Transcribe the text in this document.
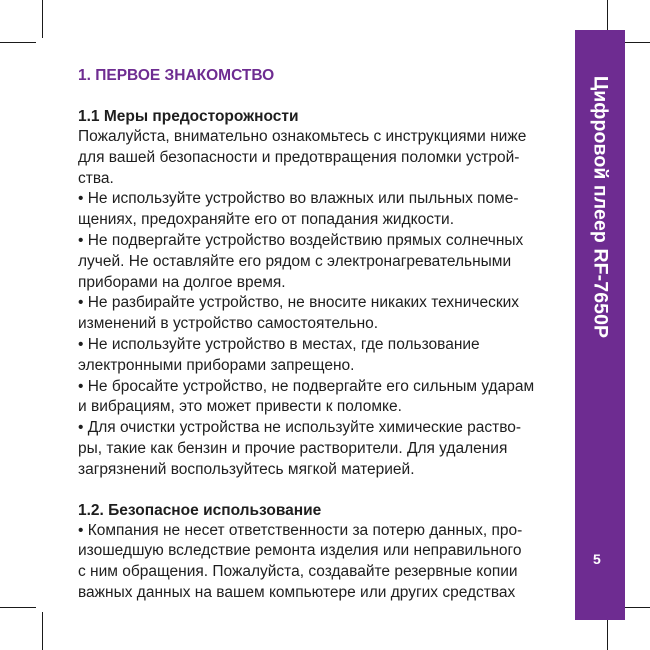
Цифровой плеер RF-7650P
5
1. ПЕРВОЕ ЗНАКОМСТВО
1.1 Меры предосторожности
Пожалуйста, внимательно ознакомьтесь с инструкциями ниже
для вашей безопасности и предотвращения поломки устрой-
ства.
• Не используйте устройство во влажных или пыльных поме-
щениях, предохраняйте его от попадания жидкости.
• Не подвергайте устройство воздействию прямых солнечных
лучей. Не оставляйте его рядом с электронагревательными
приборами на долгое время.
• Не разбирайте устройство, не вносите никаких технических
изменений в устройство самостоятельно.
• Не используйте устройство в местах, где пользование
электронными приборами запрещено.
• Не бросайте устройство, не подвергайте его сильным ударам
и вибрациям, это может привести к поломке.
• Для очистки устройства не используйте химические раство-
ры, такие как бензин и прочие растворители. Для удаления
загрязнений воспользуйтесь мягкой материей.
1.2. Безопасное использование
• Компания не несет ответственности за потерю данных, про-
изошедшую вследствие ремонта изделия или неправильного
с ним обращения. Пожалуйста, создавайте резервные копии
важных данных на вашем компьютере или других средствах
